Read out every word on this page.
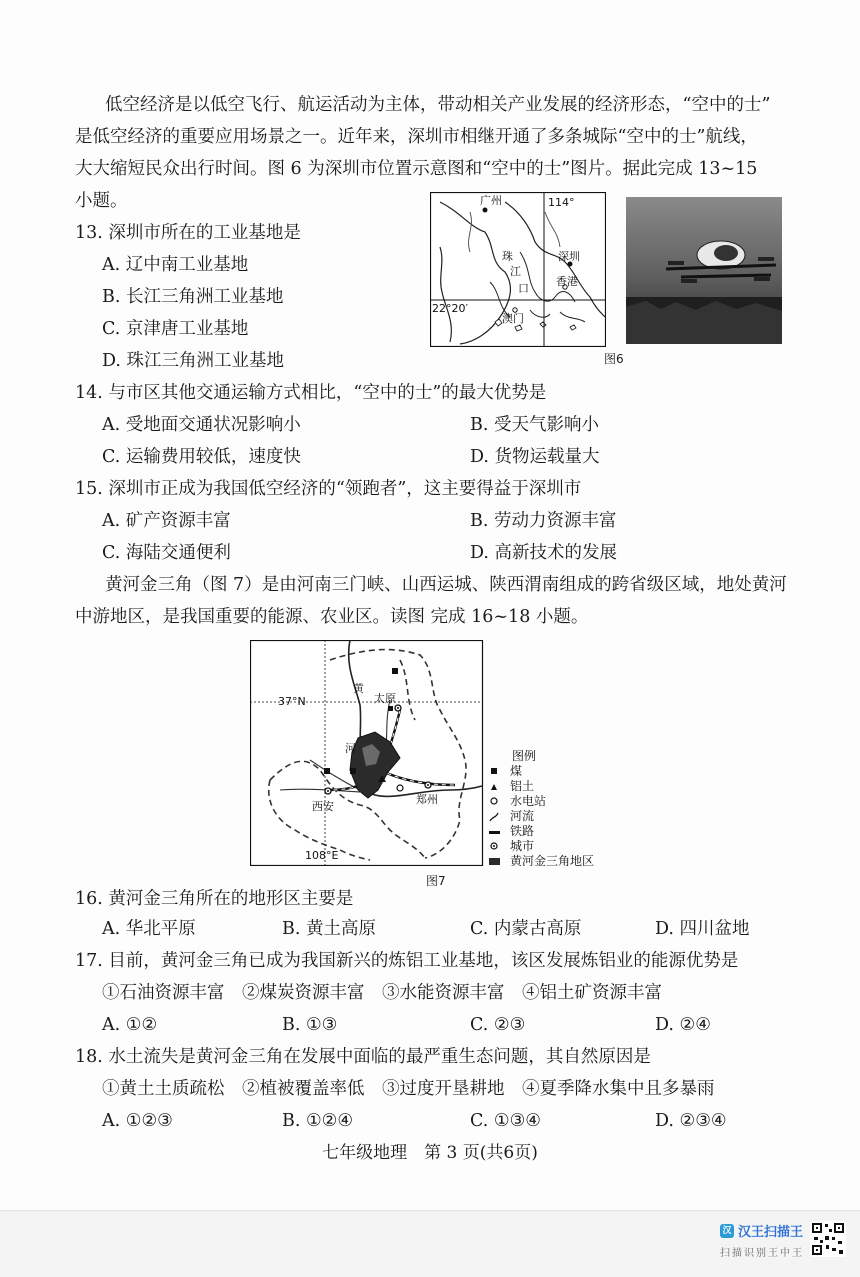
低空经济是以低空飞行、航运活动为主体，带动相关产业发展的经济形态，“空中的士”
是低空经济的重要应用场景之一。近年来，深圳市相继开通了多条城际“空中的士”航线，
大大缩短民众出行时间。图 6 为深圳市位置示意图和“空中的士”图片。据此完成 13~15
小题。	广州	114°
珠
江
口
深圳
香港
澳门
22°20′
图6
13. 深圳市所在的工业基地是
A. 辽中南工业基地
B. 长江三角洲工业基地
C. 京津唐工业基地
D. 珠江三角洲工业基地
14. 与市区其他交通运输方式相比，“空中的士”的最大优势是
A. 受地面交通状况影响小	B. 受天气影响小
C. 运输费用较低，速度快	D. 货物运载量大
15. 深圳市正成为我国低空经济的“领跑者”，这主要得益于深圳市
A. 矿产资源丰富	B. 劳动力资源丰富
C. 海陆交通便利	D. 高新技术的发展
黄河金三角（图 7）是由河南三门峡、山西运城、陕西渭南组成的跨省级区域，地处黄河
中游地区，是我国重要的能源、农业区。读图 完成 16~18 小题。
37°N
108°E
黄
河
太原
西安
郑州
图例
煤
铝土
水电站
河流
铁路
城市
黄河金三角地区
图7
16. 黄河金三角所在的地形区主要是
A. 华北平原	B. 黄土高原	C. 内蒙古高原	D. 四川盆地
17. 目前，黄河金三角已成为我国新兴的炼铝工业基地，该区发展炼铝业的能源优势是
①石油资源丰富　②煤炭资源丰富　③水能资源丰富　④铝土矿资源丰富
A. ①②	B. ①③	C. ②③	D. ②④
18. 水土流失是黄河金三角在发展中面临的最严重生态问题，其自然原因是
①黄土土质疏松　②植被覆盖率低　③过度开垦耕地　④夏季降水集中且多暴雨
A. ①②③	B. ①②④	C. ①③④	D. ②③④
七年级地理　第 3 页(共6页)
汉 汉王扫描王
扫描识别王中王
